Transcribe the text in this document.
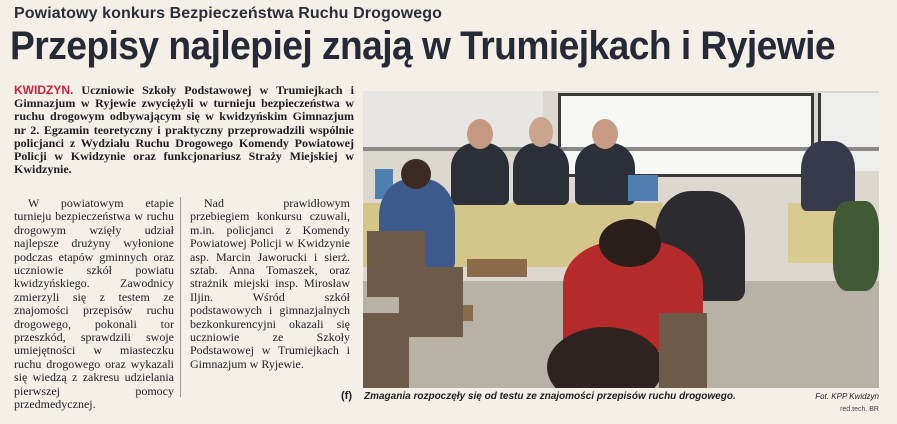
Powiatowy konkurs Bezpieczeństwa Ruchu Drogowego
Przepisy najlepiej znają w Trumiejkach i Ryjewie

KWIDZYN. Uczniowie Szkoły Podstawowej w Trumiejkach i Gimnazjum w Ryjewie zwyciężyli w turnieju bezpieczeństwa w ruchu drogowym odbywającym się w kwidzyńskim Gimnazjum nr 2. Egzamin teoretyczny i praktyczny przeprowadzili wspólnie policjanci z Wydziału Ruchu Drogowego Komendy Powiatowej Policji w Kwidzynie oraz funkcjonariusz Straży Miejskiej w Kwidzynie.

W powiatowym etapie turnieju bezpieczeństwa w ruchu drogowym wzięły udział najlepsze drużyny wyłonione podczas etapów gminnych oraz uczniowie szkół powiatu kwidzyńskiego. Zawodnicy zmierzyli się z testem ze znajomości przepisów ruchu drogowego, pokonali tor przeszkód, sprawdzili swoje umiejętności w miasteczku ruchu drogowego oraz wykazali się wiedzą z zakresu udzielania pierwszej pomocy przedmedycznej.

Nad prawidłowym przebiegiem konkursu czuwali, m.in. policjanci z Komendy Powiatowej Policji w Kwidzynie asp. Marcin Jaworucki i sierż. sztab. Anna Tomaszek, oraz strażnik miejski insp. Mirosław Iljin. Wśród szkół podstawowych i gimnazjalnych bezkonkurencyjni okazali się uczniowie ze Szkoły Podstawowej w Trumiejkach i Gimnazjum w Ryjewie.

(f) Zmagania rozpoczęły się od testu ze znajomości przepisów ruchu drogowego.	Fot. KPP Kwidzyn
red.tech. BR
